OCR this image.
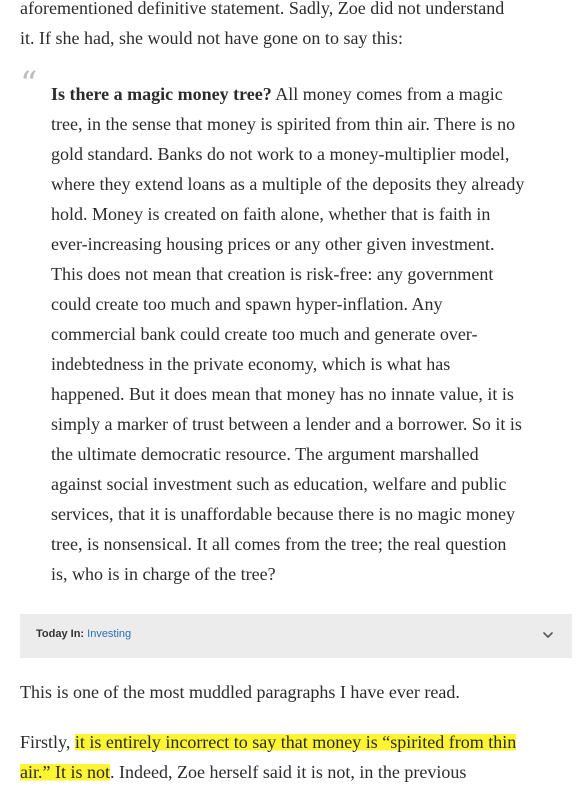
aforementioned definitive statement. Sadly, Zoe did not understand
it. If she had, she would not have gone on to say this:

“ Is there a magic money tree? All money comes from a magic
tree, in the sense that money is spirited from thin air. There is no
gold standard. Banks do not work to a money-multiplier model,
where they extend loans as a multiple of the deposits they already
hold. Money is created on faith alone, whether that is faith in
ever-increasing housing prices or any other given investment.
This does not mean that creation is risk-free: any government
could create too much and spawn hyper-inflation. Any
commercial bank could create too much and generate over-
indebtedness in the private economy, which is what has
happened. But it does mean that money has no innate value, it is
simply a marker of trust between a lender and a borrower. So it is
the ultimate democratic resource. The argument marshalled
against social investment such as education, welfare and public
services, that it is unaffordable because there is no magic money
tree, is nonsensical. It all comes from the tree; the real question
is, who is in charge of the tree?
Today In: Investing

This is one of the most muddled paragraphs I have ever read.

Firstly, it is entirely incorrect to say that money is “spirited from thin
air.” It is not. Indeed, Zoe herself said it is not, in the previous
